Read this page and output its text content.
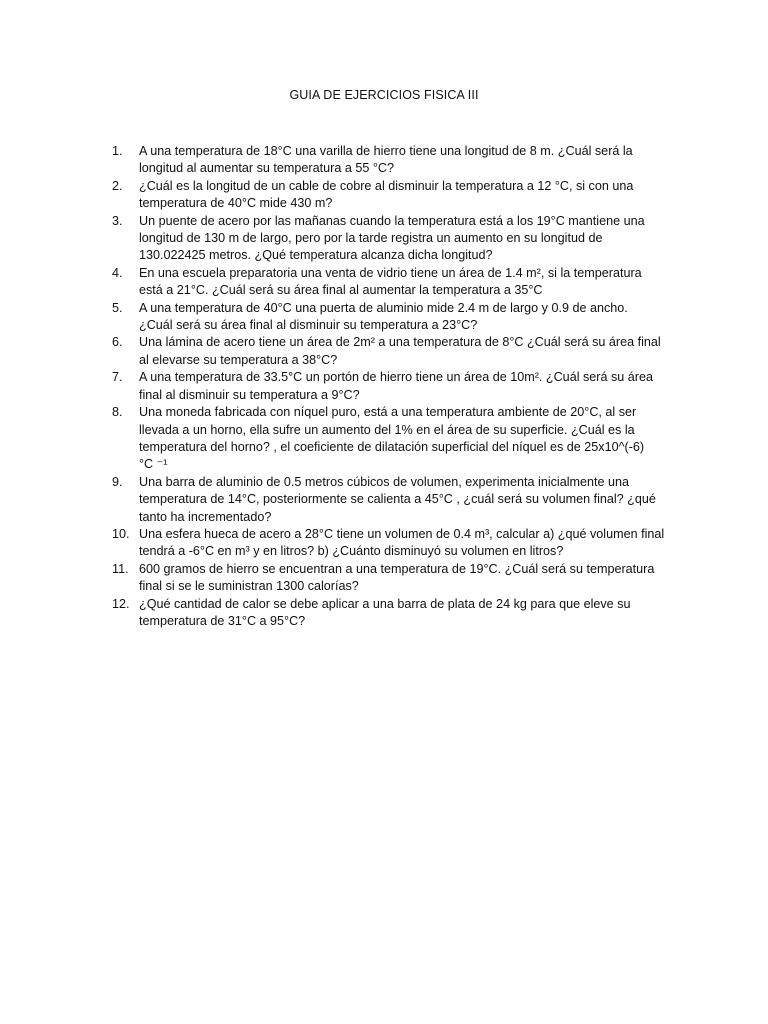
GUIA DE EJERCICIOS FISICA III
1.	A una temperatura de 18°C una varilla de hierro tiene una longitud de 8 m. ¿Cuál será la
longitud al aumentar su temperatura a 55 °C?
2.	¿Cuál es la longitud de un cable de cobre al disminuir la temperatura a 12 °C, si con una
temperatura de 40°C mide 430 m?
3.	Un puente de acero por las mañanas cuando la temperatura está a los 19°C mantiene una
longitud de 130 m de largo, pero por la tarde registra un aumento en su longitud de
130.022425 metros. ¿Qué temperatura alcanza dicha longitud?
4.	En una escuela preparatoria una venta de vidrio tiene un área de 1.4 m², si la temperatura
está a 21°C. ¿Cuál será su área final al aumentar la temperatura a 35°C
5.	A una temperatura de 40°C una puerta de aluminio mide 2.4 m de largo y 0.9 de ancho.
¿Cuál será su área final al disminuir su temperatura a 23°C?
6.	Una lámina de acero tiene un área de 2m² a una temperatura de 8°C ¿Cuál será su área final
al elevarse su temperatura a 38°C?
7.	A una temperatura de 33.5°C un portón de hierro tiene un área de 10m². ¿Cuál será su área
final al disminuir su temperatura a 9°C?
8.	Una moneda fabricada con níquel puro, está a una temperatura ambiente de 20°C, al ser
llevada a un horno, ella sufre un aumento del 1% en el área de su superficie. ¿Cuál es la
temperatura del horno? , el coeficiente de dilatación superficial del níquel es de 25x10^(-6)
°C ⁻¹
9.	Una barra de aluminio de 0.5 metros cúbicos de volumen, experimenta inicialmente una
temperatura de 14°C, posteriormente se calienta a 45°C , ¿cuál será su volumen final? ¿qué
tanto ha incrementado?
10. Una esfera hueca de acero a 28°C tiene un volumen de 0.4 m³, calcular a) ¿qué volumen final
tendrá a -6°C en m³ y en litros? b) ¿Cuánto disminuyó su volumen en litros?
11. 600 gramos de hierro se encuentran a una temperatura de 19°C. ¿Cuál será su temperatura
final si se le suministran 1300 calorías?
12. ¿Qué cantidad de calor se debe aplicar a una barra de plata de 24 kg para que eleve su
temperatura de 31°C a 95°C?
